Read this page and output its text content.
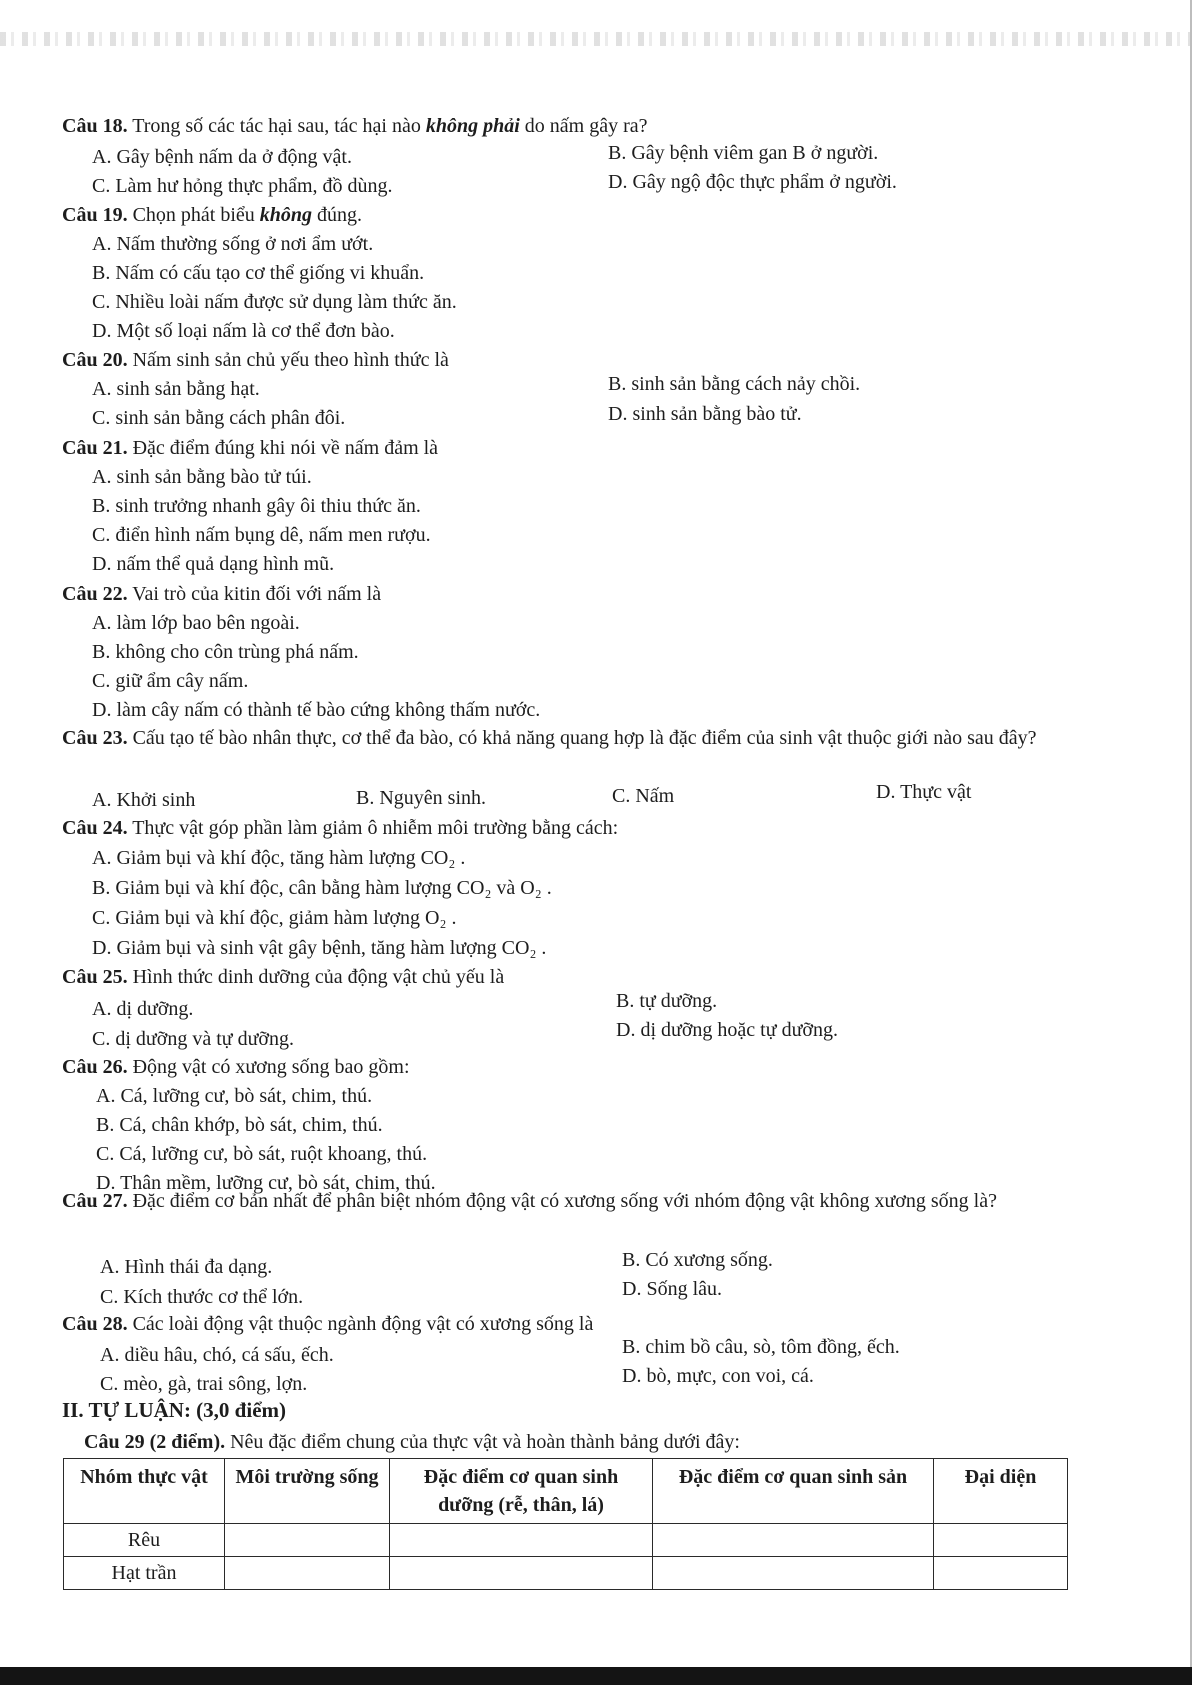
Câu 18. Trong số các tác hại sau, tác hại nào không phải do nấm gây ra?
A. Gây bệnh nấm da ở động vật.	B. Gây bệnh viêm gan B ở người.
C. Làm hư hỏng thực phẩm, đồ dùng.	D. Gây ngộ độc thực phẩm ở người.
Câu 19. Chọn phát biểu không đúng.
A. Nấm thường sống ở nơi ẩm ướt.
B. Nấm có cấu tạo cơ thể giống vi khuẩn.
C. Nhiều loài nấm được sử dụng làm thức ăn.
D. Một số loại nấm là cơ thể đơn bào.
Câu 20. Nấm sinh sản chủ yếu theo hình thức là
A. sinh sản bằng hạt.	B. sinh sản bằng cách nảy chồi.
C. sinh sản bằng cách phân đôi.	D. sinh sản bằng bào tử.
Câu 21. Đặc điểm đúng khi nói về nấm đảm là
A. sinh sản bằng bào tử túi.
B. sinh trưởng nhanh gây ôi thiu thức ăn.
C. điển hình nấm bụng dê, nấm men rượu.
D. nấm thể quả dạng hình mũ.
Câu 22. Vai trò của kitin đối với nấm là
A. làm lớp bao bên ngoài.
B. không cho côn trùng phá nấm.
C. giữ ẩm cây nấm.
D. làm cây nấm có thành tế bào cứng không thấm nước.
Câu 23. Cấu tạo tế bào nhân thực, cơ thể đa bào, có khả năng quang hợp là đặc điểm của sinh vật thuộc giới nào sau đây?
A. Khởi sinh	B. Nguyên sinh.	C. Nấm	D. Thực vật
Câu 24. Thực vật góp phần làm giảm ô nhiễm môi trường bằng cách:
A. Giảm bụi và khí độc, tăng hàm lượng CO₂ .
B. Giảm bụi và khí độc, cân bằng hàm lượng CO₂ và O₂ .
C. Giảm bụi và khí độc, giảm hàm lượng O₂ .
D. Giảm bụi và sinh vật gây bệnh, tăng hàm lượng CO₂ .
Câu 25. Hình thức dinh dưỡng của động vật chủ yếu là
A. dị dưỡng.	B. tự dưỡng.
C. dị dưỡng và tự dưỡng.	D. dị dưỡng hoặc tự dưỡng.
Câu 26. Động vật có xương sống bao gồm:
A. Cá, lưỡng cư, bò sát, chim, thú.
B. Cá, chân khớp, bò sát, chim, thú.
C. Cá, lưỡng cư, bò sát, ruột khoang, thú.
D. Thân mềm, lưỡng cư, bò sát, chim, thú.
Câu 27. Đặc điểm cơ bản nhất để phân biệt nhóm động vật có xương sống với nhóm động vật không xương sống là?
A. Hình thái đa dạng.	B. Có xương sống.
C. Kích thước cơ thể lớn.	D. Sống lâu.
Câu 28. Các loài động vật thuộc ngành động vật có xương sống là
A. diều hâu, chó, cá sấu, ếch.	B. chim bồ câu, sò, tôm đồng, ếch.
C. mèo, gà, trai sông, lợn.	D. bò, mực, con voi, cá.
II. TỰ LUẬN: (3,0 điểm)
Câu 29 (2 điểm). Nêu đặc điểm chung của thực vật và hoàn thành bảng dưới đây:
Nhóm thực vật	Môi trường sống	Đặc điểm cơ quan sinh dưỡng (rễ, thân, lá)	Đặc điểm cơ quan sinh sản	Đại diện
Rêu				
Hạt trần				
